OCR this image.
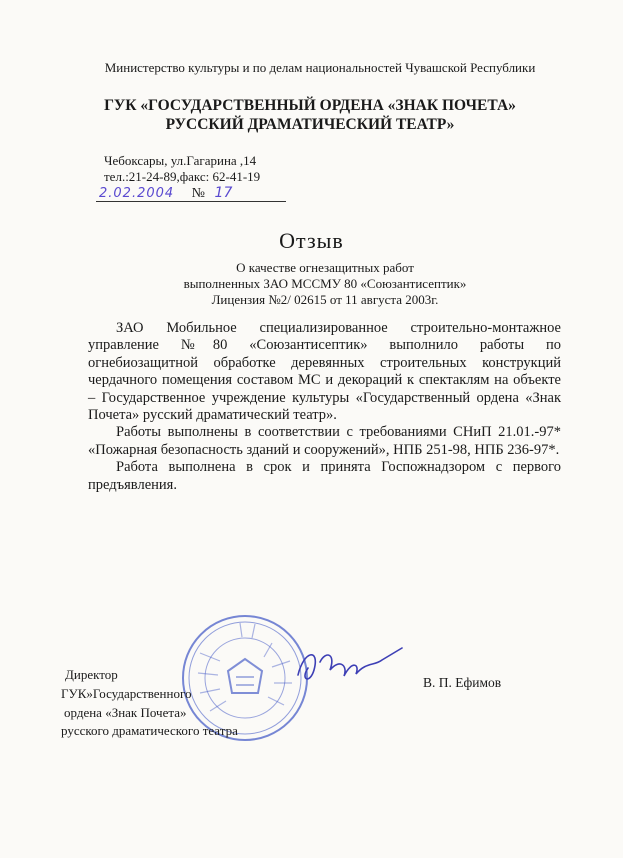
Министерство культуры и по делам национальностей Чувашской Республики
ГУК «ГОСУДАРСТВЕННЫЙ ОРДЕНА «ЗНАК ПОЧЕТА»
РУССКИЙ ДРАМАТИЧЕСКИЙ ТЕАТР»
Чебоксары, ул.Гагарина ,14
тел.:21-24-89,факс: 62-41-19
2.02.2004 № 17
Отзыв
О качестве огнезащитных работ
выполненных ЗАО МССМУ 80 «Союзантисептик»
Лицензия №2/ 02615 от 11 августа 2003г.

ЗАО Мобильное специализированное строительно-монтажное управление №80 «Союзантисептик» выполнило работы по огнебиозащитной обработке деревянных строительных конструкций чердачного помещения составом МС и декораций к спектаклям на объекте – Государственное учреждение культуры «Государственный ордена «Знак Почета» русский драматический театр».

Работы выполнены в соответствии с требованиями СНиП 21.01.-97* «Пожарная безопасность зданий и сооружений», НПБ 251-98, НПБ 236-97*.

Работа выполнена в срок и принята Госпожнадзором с первого предъявления.

Директор
ГУК»Государственного
ордена «Знак Почета»
русского драматического театра
В. П. Ефимов
